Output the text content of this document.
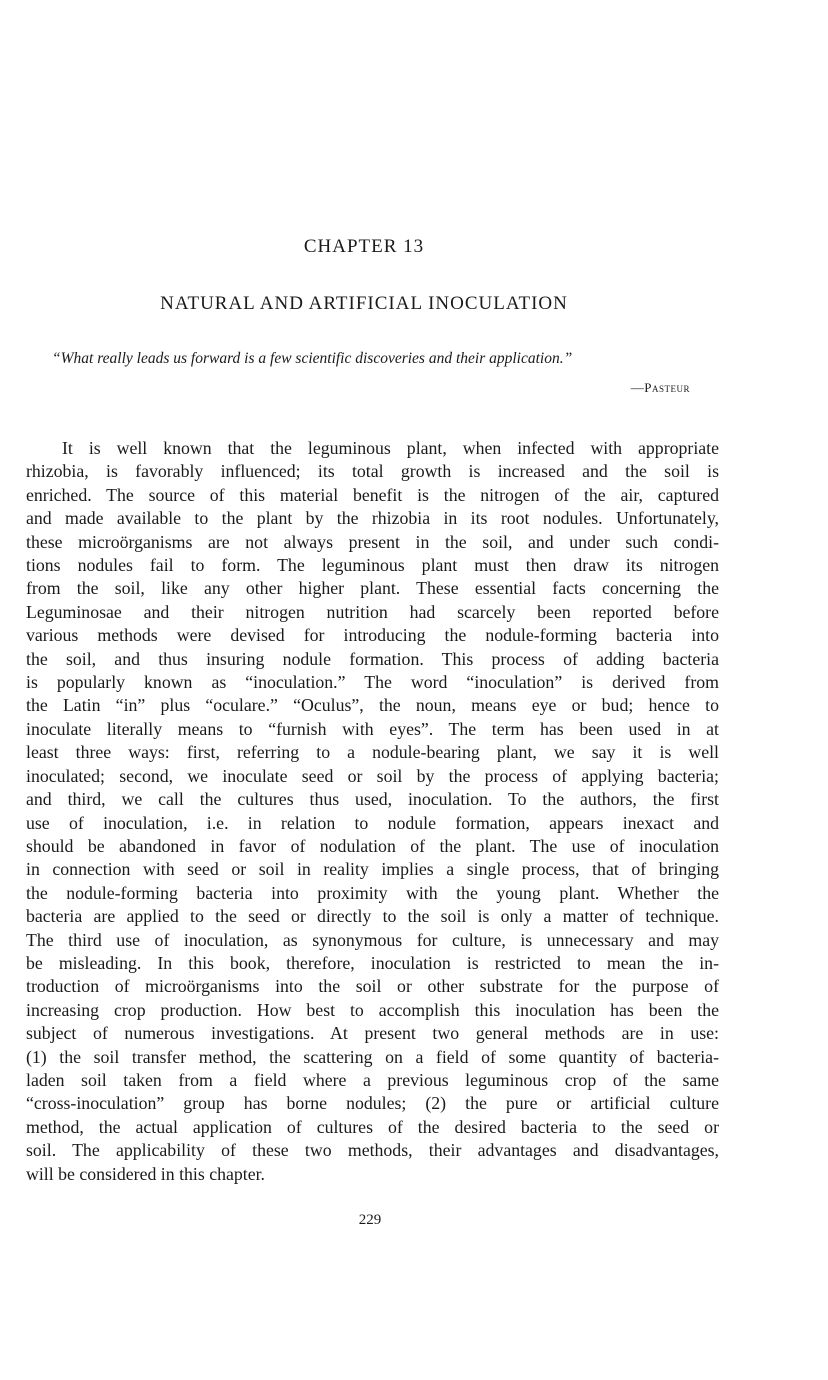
CHAPTER 13
NATURAL AND ARTIFICIAL INOCULATION
“What really leads us forward is a few scientific discoveries and their application.”
—Pasteur
It is well known that the leguminous plant, when infected with appropriate
rhizobia, is favorably influenced; its total growth is increased and the soil is
enriched. The source of this material benefit is the nitrogen of the air, captured
and made available to the plant by the rhizobia in its root nodules. Unfortunately,
these microörganisms are not always present in the soil, and under such condi-
tions nodules fail to form. The leguminous plant must then draw its nitrogen
from the soil, like any other higher plant. These essential facts concerning the
Leguminosae and their nitrogen nutrition had scarcely been reported before
various methods were devised for introducing the nodule-forming bacteria into
the soil, and thus insuring nodule formation. This process of adding bacteria
is popularly known as “inoculation.” The word “inoculation” is derived from
the Latin “in” plus “oculare.” “Oculus”, the noun, means eye or bud; hence to
inoculate literally means to “furnish with eyes”. The term has been used in at
least three ways: first, referring to a nodule-bearing plant, we say it is well
inoculated; second, we inoculate seed or soil by the process of applying bacteria;
and third, we call the cultures thus used, inoculation. To the authors, the first
use of inoculation, i.e. in relation to nodule formation, appears inexact and
should be abandoned in favor of nodulation of the plant. The use of inoculation
in connection with seed or soil in reality implies a single process, that of bringing
the nodule-forming bacteria into proximity with the young plant. Whether the
bacteria are applied to the seed or directly to the soil is only a matter of technique.
The third use of inoculation, as synonymous for culture, is unnecessary and may
be misleading. In this book, therefore, inoculation is restricted to mean the in-
troduction of microörganisms into the soil or other substrate for the purpose of
increasing crop production. How best to accomplish this inoculation has been the
subject of numerous investigations. At present two general methods are in use:
(1) the soil transfer method, the scattering on a field of some quantity of bacteria-
laden soil taken from a field where a previous leguminous crop of the same
“cross-inoculation” group has borne nodules; (2) the pure or artificial culture
method, the actual application of cultures of the desired bacteria to the seed or
soil. The applicability of these two methods, their advantages and disadvantages,
will be considered in this chapter.
229
